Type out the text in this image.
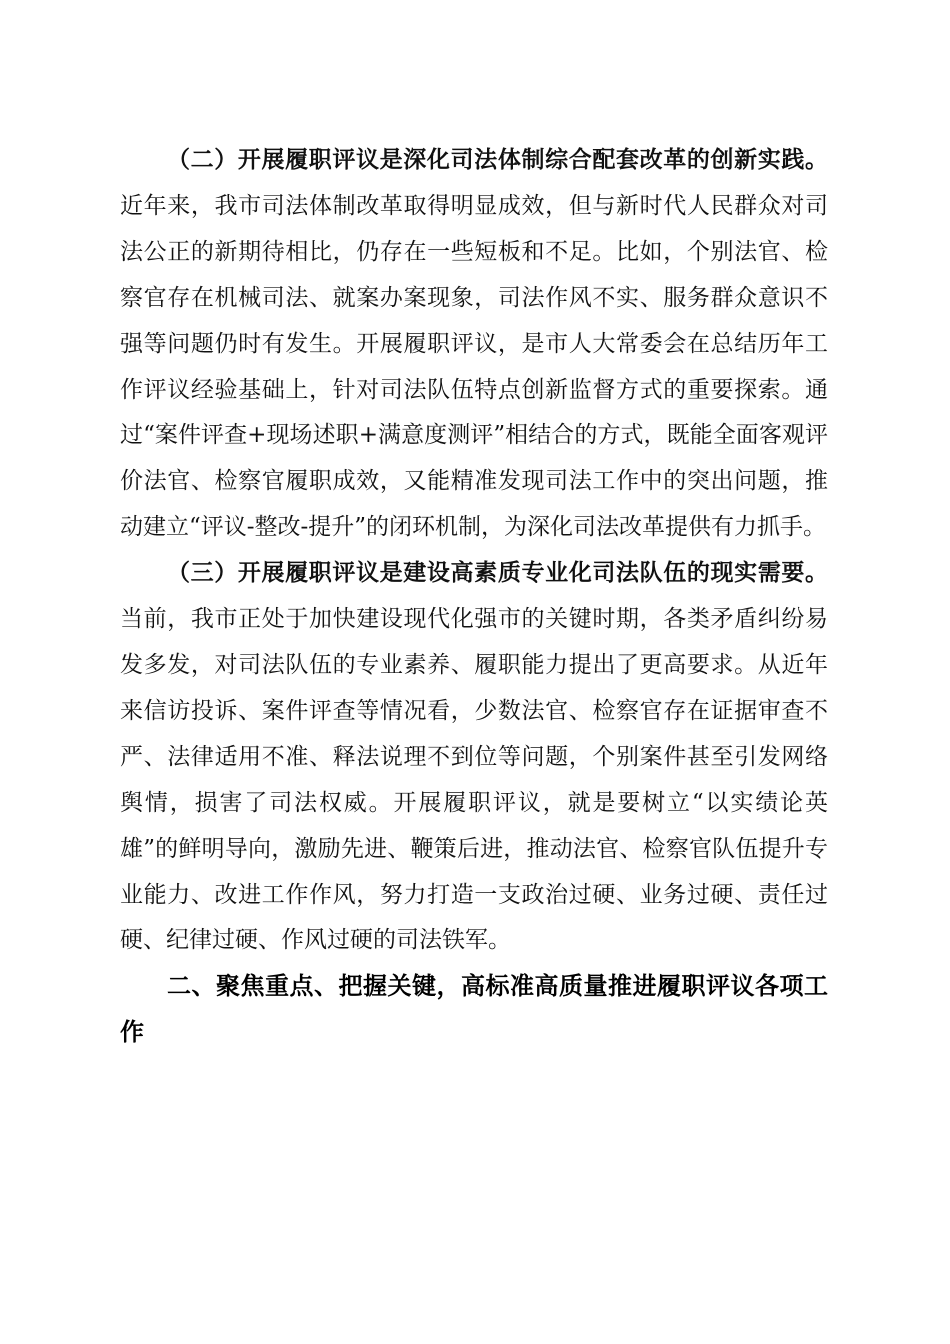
（二）开展履职评议是深化司法体制综合配套改革的创新实践。近年来，我市司法体制改革取得明显成效，但与新时代人民群众对司法公正的新期待相比，仍存在一些短板和不足。比如，个别法官、检察官存在机械司法、就案办案现象，司法作风不实、服务群众意识不强等问题仍时有发生。开展履职评议，是市人大常委会在总结历年工作评议经验基础上，针对司法队伍特点创新监督方式的重要探索。通过“案件评查+现场述职+满意度测评”相结合的方式，既能全面客观评价法官、检察官履职成效，又能精准发现司法工作中的突出问题，推动建立“评议-整改-提升”的闭环机制，为深化司法改革提供有力抓手。

（三）开展履职评议是建设高素质专业化司法队伍的现实需要。当前，我市正处于加快建设现代化强市的关键时期，各类矛盾纠纷易发多发，对司法队伍的专业素养、履职能力提出了更高要求。从近年来信访投诉、案件评查等情况看，少数法官、检察官存在证据审查不严、法律适用不准、释法说理不到位等问题，个别案件甚至引发网络舆情，损害了司法权威。开展履职评议，就是要树立“以实绩论英雄”的鲜明导向，激励先进、鞭策后进，推动法官、检察官队伍提升专业能力、改进工作作风，努力打造一支政治过硬、业务过硬、责任过硬、纪律过硬、作风过硬的司法铁军。

二、聚焦重点、把握关键，高标准高质量推进履职评议各项工作
